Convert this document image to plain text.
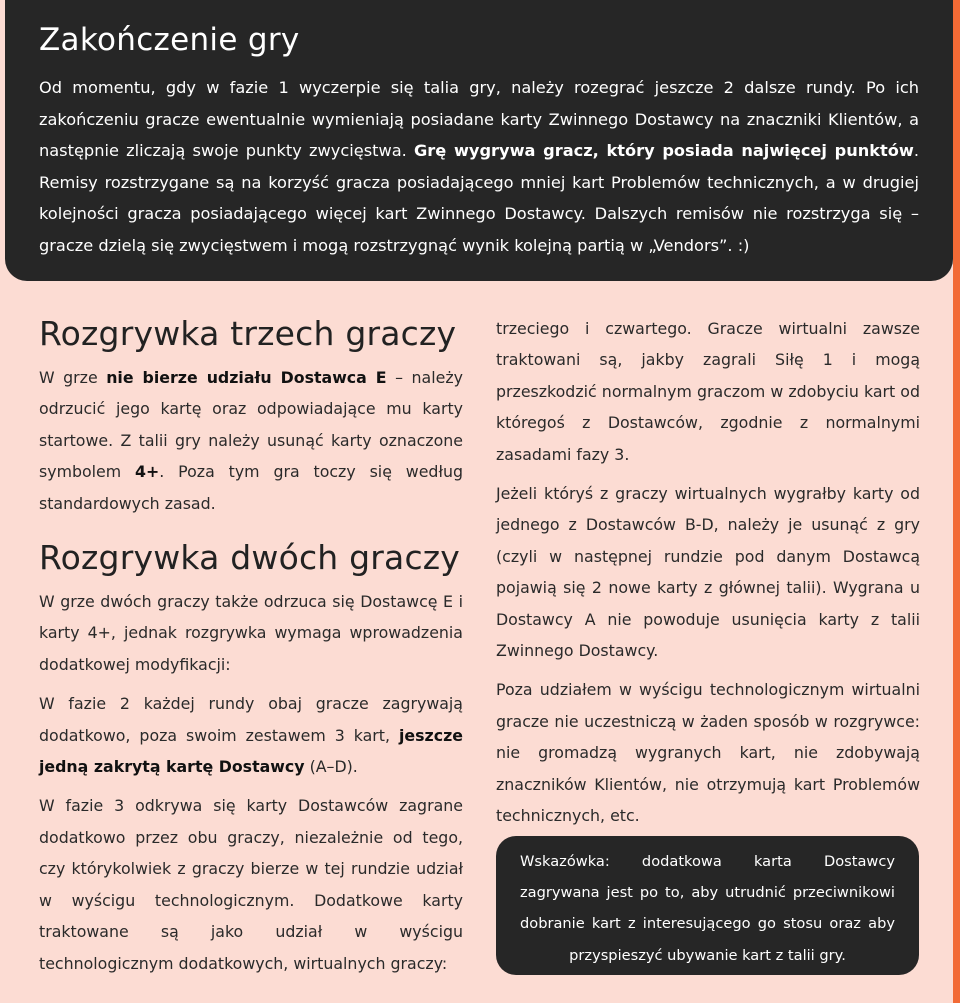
Zakończenie gry

Od momentu, gdy w fazie 1 wyczerpie się talia gry, należy rozegrać jeszcze 2 dalsze rundy. Po ich zakończeniu gracze ewentualnie wymieniają posiadane karty Zwinnego Dostawcy na znaczniki Klientów, a następnie zliczają swoje punkty zwycięstwa. Grę wygrywa gracz, który posiada najwięcej punktów. Remisy rozstrzygane są na korzyść gracza posiadającego mniej kart Problemów technicznych, a w drugiej kolejności gracza posiadającego więcej kart Zwinnego Dostawcy. Dalszych remisów nie rozstrzyga się – gracze dzielą się zwycięstwem i mogą rozstrzygnąć wynik kolejną partią w „Vendors”. :)

Rozgrywka trzech graczy

W grze nie bierze udziału Dostawca E – należy odrzucić jego kartę oraz odpowiadające mu karty startowe. Z talii gry należy usunąć karty oznaczone symbolem 4+. Poza tym gra toczy się według standardowych zasad.

Rozgrywka dwóch graczy

W grze dwóch graczy także odrzuca się Dostawcę E i karty 4+, jednak rozgrywka wymaga wprowadzenia dodatkowej modyfikacji:

W fazie 2 każdej rundy obaj gracze zagrywają dodatkowo, poza swoim zestawem 3 kart, jeszcze jedną zakrytą kartę Dostawcy (A–D).

W fazie 3 odkrywa się karty Dostawców zagrane dodatkowo przez obu graczy, niezależnie od tego, czy którykolwiek z graczy bierze w tej rundzie udział w wyścigu technologicznym. Dodatkowe karty traktowane są jako udział w wyścigu technologicznym dodatkowych, wirtualnych graczy:

trzeciego i czwartego. Gracze wirtualni zawsze traktowani są, jakby zagrali Siłę 1 i mogą przeszkodzić normalnym graczom w zdobyciu kart od któregoś z Dostawców, zgodnie z normalnymi zasadami fazy 3.

Jeżeli któryś z graczy wirtualnych wygrałby karty od jednego z Dostawców B-D, należy je usunąć z gry (czyli w następnej rundzie pod danym Dostawcą pojawią się 2 nowe karty z głównej talii). Wygrana u Dostawcy A nie powoduje usunięcia karty z talii Zwinnego Dostawcy.

Poza udziałem w wyścigu technologicznym wirtualni gracze nie uczestniczą w żaden sposób w rozgrywce: nie gromadzą wygranych kart, nie zdobywają znaczników Klientów, nie otrzymują kart Problemów technicznych, etc.

Wskazówka: dodatkowa karta Dostawcy zagrywana jest po to, aby utrudnić przeciwnikowi dobranie kart z interesującego go stosu oraz aby przyspieszyć ubywanie kart z talii gry.
